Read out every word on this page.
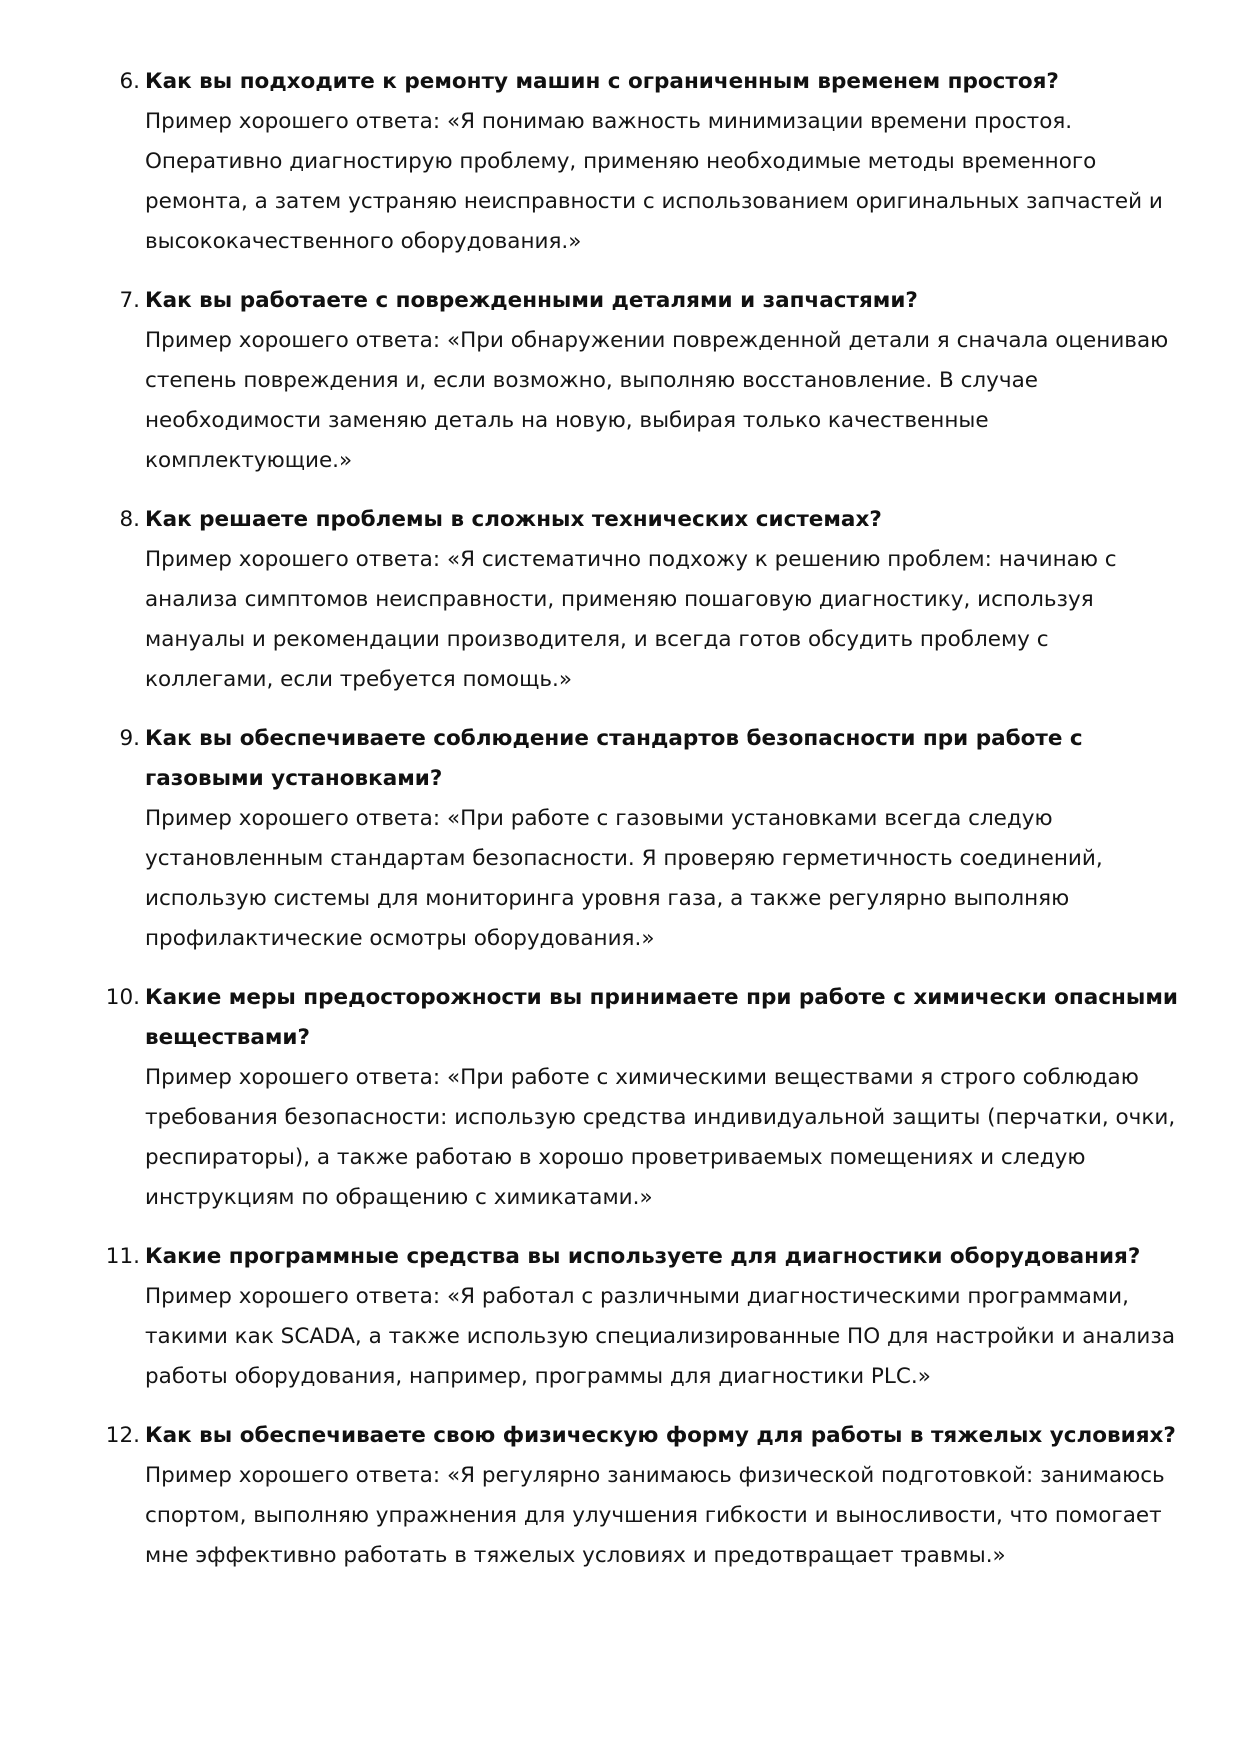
6. Как вы подходите к ремонту машин с ограниченным временем простоя?

Пример хорошего ответа: «Я понимаю важность минимизации времени простоя. Оперативно диагностирую проблему, применяю необходимые методы временного ремонта, а затем устраняю неисправности с использованием оригинальных запчастей и высококачественного оборудования.»

7. Как вы работаете с поврежденными деталями и запчастями?

Пример хорошего ответа: «При обнаружении поврежденной детали я сначала оцениваю степень повреждения и, если возможно, выполняю восстановление. В случае необходимости заменяю деталь на новую, выбирая только качественные комплектующие.»

8. Как решаете проблемы в сложных технических системах?

Пример хорошего ответа: «Я систематично подхожу к решению проблем: начинаю с анализа симптомов неисправности, применяю пошаговую диагностику, используя мануалы и рекомендации производителя, и всегда готов обсудить проблему с коллегами, если требуется помощь.»

9. Как вы обеспечиваете соблюдение стандартов безопасности при работе с газовыми установками?

Пример хорошего ответа: «При работе с газовыми установками всегда следую установленным стандартам безопасности. Я проверяю герметичность соединений, использую системы для мониторинга уровня газа, а также регулярно выполняю профилактические осмотры оборудования.»

10. Какие меры предосторожности вы принимаете при работе с химически опасными веществами?

Пример хорошего ответа: «При работе с химическими веществами я строго соблюдаю требования безопасности: использую средства индивидуальной защиты (перчатки, очки, респираторы), а также работаю в хорошо проветриваемых помещениях и следую инструкциям по обращению с химикатами.»

11. Какие программные средства вы используете для диагностики оборудования?

Пример хорошего ответа: «Я работал с различными диагностическими программами, такими как SCADA, а также использую специализированные ПО для настройки и анализа работы оборудования, например, программы для диагностики PLC.»

12. Как вы обеспечиваете свою физическую форму для работы в тяжелых условиях?

Пример хорошего ответа: «Я регулярно занимаюсь физической подготовкой: занимаюсь спортом, выполняю упражнения для улучшения гибкости и выносливости, что помогает мне эффективно работать в тяжелых условиях и предотвращает травмы.»
